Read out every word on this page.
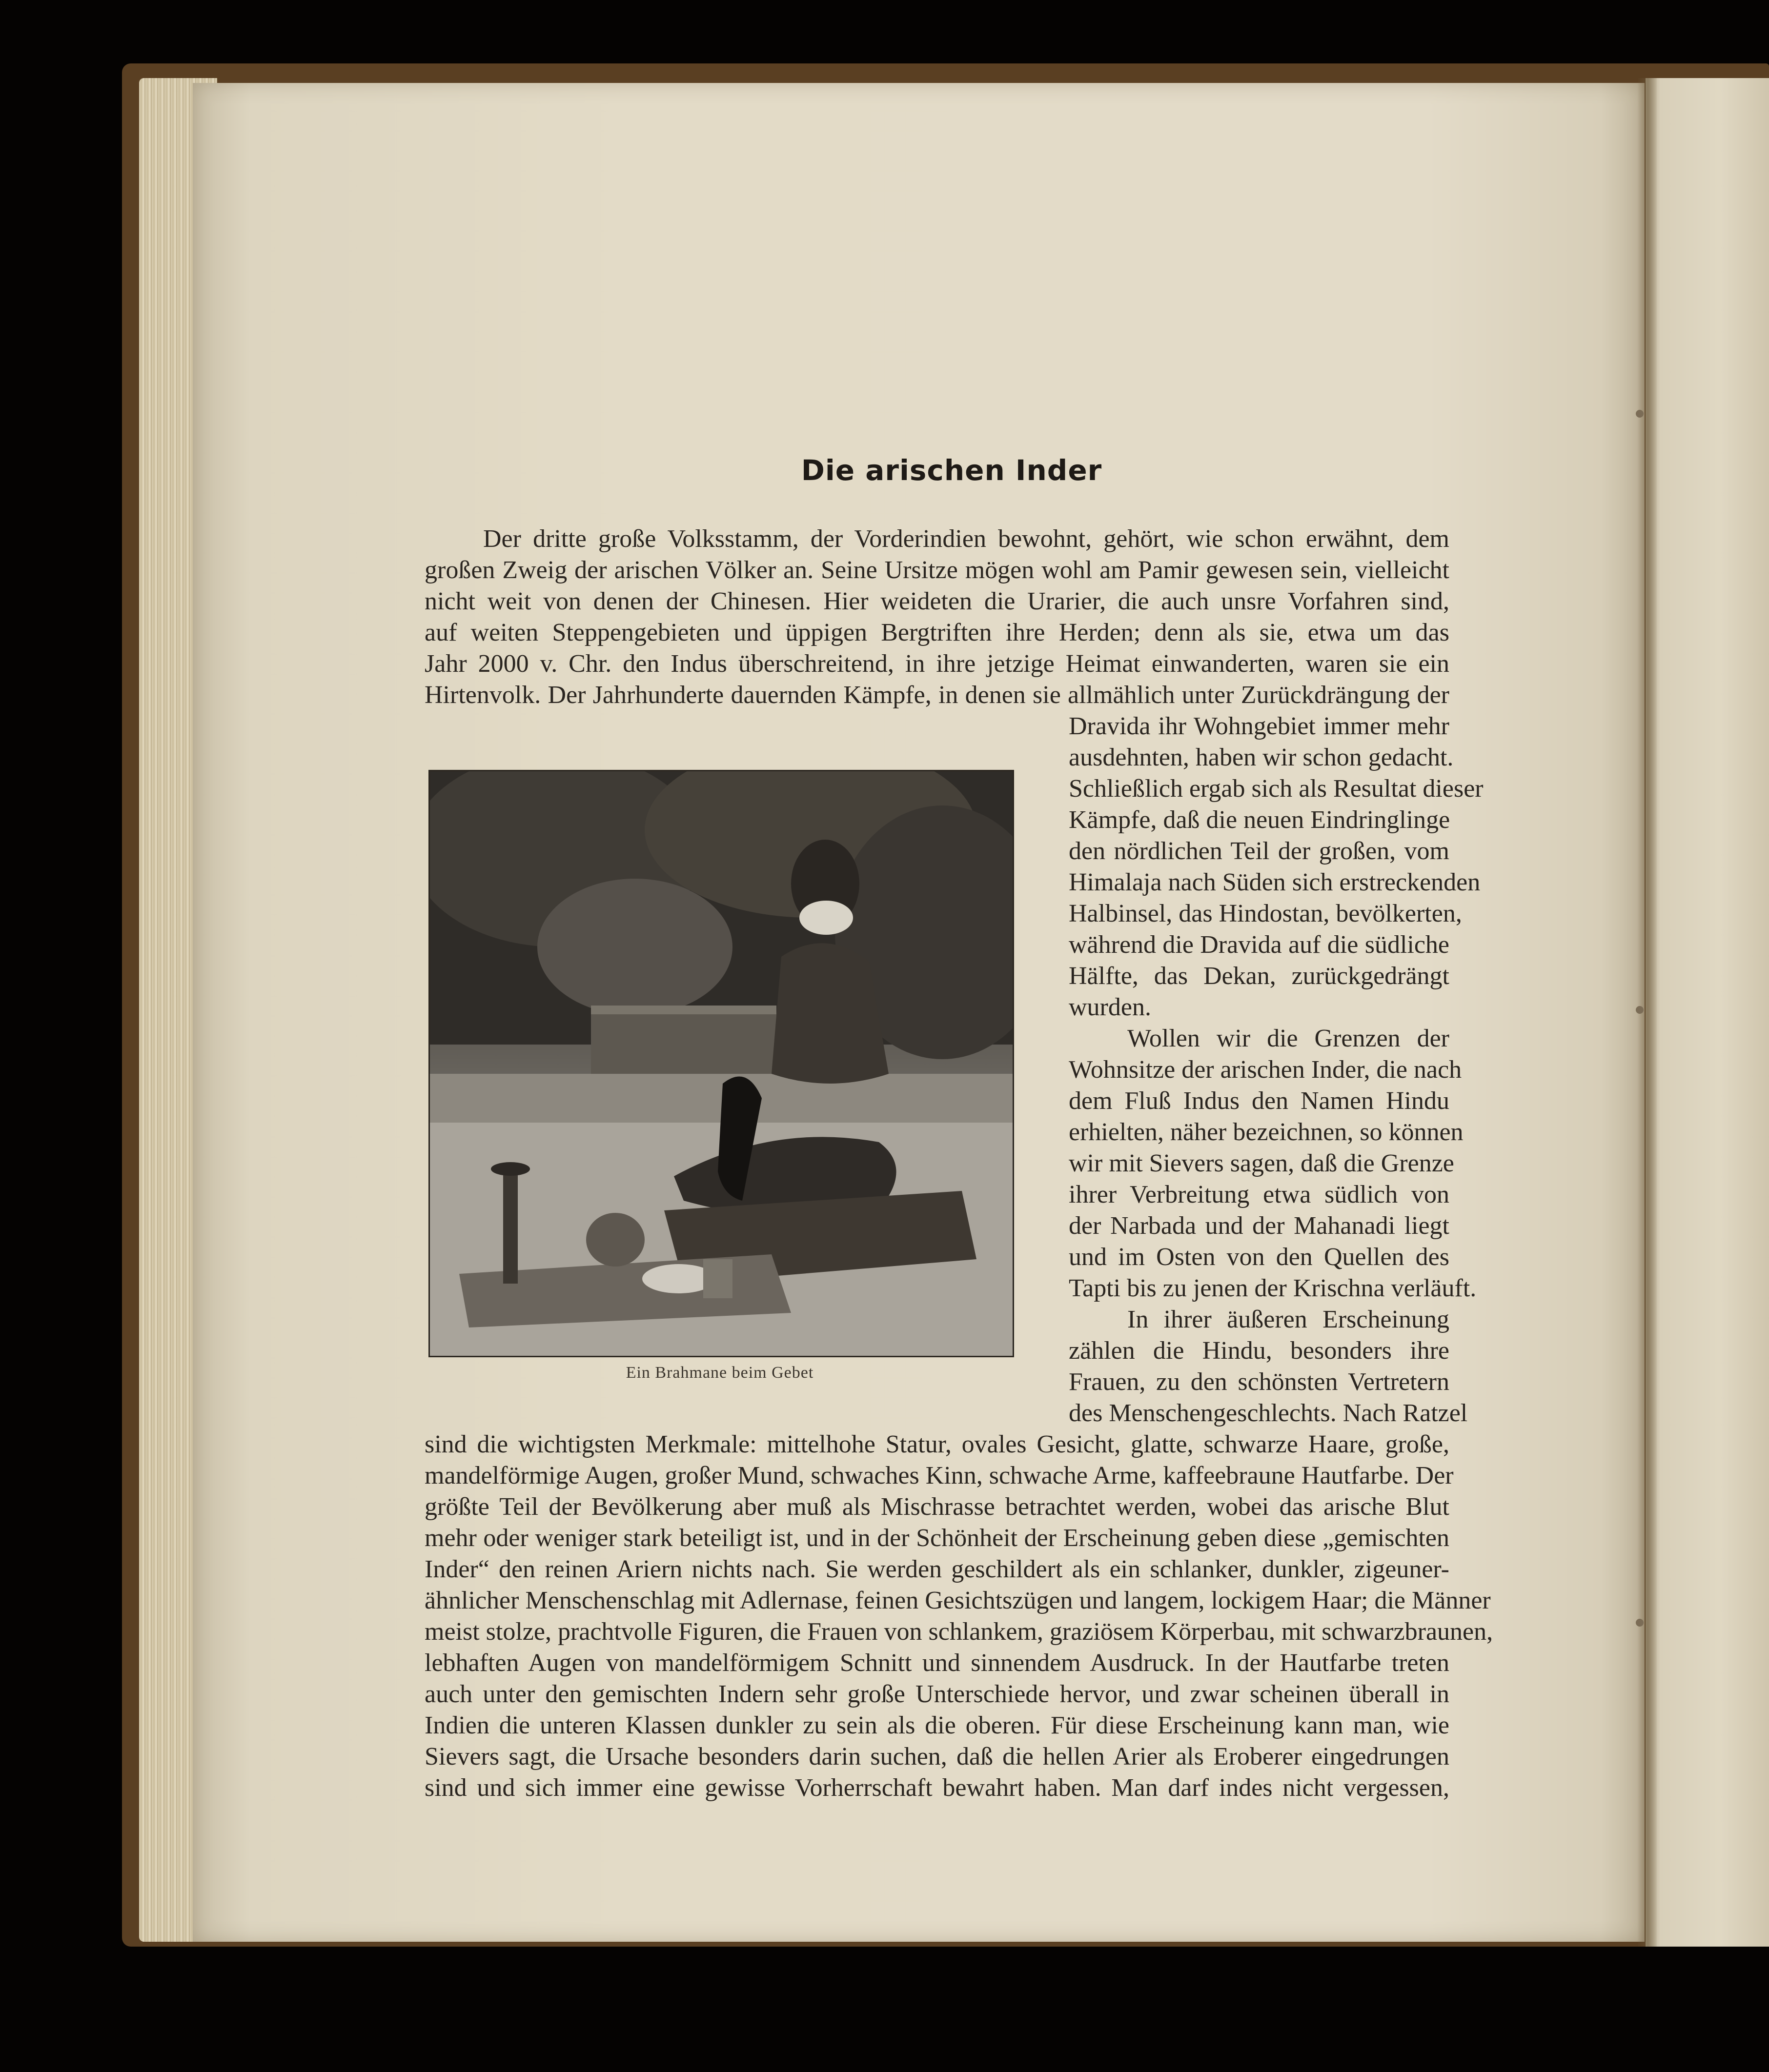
Die arischen Inder
Der dritte große Volksstamm, der Vorderindien bewohnt, gehört, wie schon erwähnt, dem
großen Zweig der arischen Völker an. Seine Ursitze mögen wohl am Pamir gewesen sein, vielleicht
nicht weit von denen der Chinesen. Hier weideten die Urarier, die auch unsre Vorfahren sind,
auf weiten Steppengebieten und üppigen Bergtriften ihre Herden; denn als sie, etwa um das
Jahr 2000 v. Chr. den Indus überschreitend, in ihre jetzige Heimat einwanderten, waren sie ein
Hirtenvolk. Der Jahrhunderte dauernden Kämpfe, in denen sie allmählich unter Zurückdrängung der
Dravida ihr Wohngebiet immer mehr
ausdehnten, haben wir schon gedacht.
Schließlich ergab sich als Resultat dieser
Kämpfe, daß die neuen Eindringlinge
den nördlichen Teil der großen, vom
Himalaja nach Süden sich erstreckenden
Halbinsel, das Hindostan, bevölkerten,
während die Dravida auf die südliche
Hälfte, das Dekan, zurückgedrängt
wurden.
Wollen wir die Grenzen der
Wohnsitze der arischen Inder, die nach
dem Fluß Indus den Namen Hindu
erhielten, näher bezeichnen, so können
wir mit Sievers sagen, daß die Grenze
ihrer Verbreitung etwa südlich von
der Narbada und der Mahanadi liegt
und im Osten von den Quellen des
Tapti bis zu jenen der Krischna verläuft.
In ihrer äußeren Erscheinung
zählen die Hindu, besonders ihre
Frauen, zu den schönsten Vertretern
des Menschengeschlechts. Nach Ratzel
sind die wichtigsten Merkmale: mittelhohe Statur, ovales Gesicht, glatte, schwarze Haare, große,
mandelförmige Augen, großer Mund, schwaches Kinn, schwache Arme, kaffeebraune Hautfarbe. Der
größte Teil der Bevölkerung aber muß als Mischrasse betrachtet werden, wobei das arische Blut
mehr oder weniger stark beteiligt ist, und in der Schönheit der Erscheinung geben diese „gemischten
Inder“ den reinen Ariern nichts nach. Sie werden geschildert als ein schlanker, dunkler, zigeuner-
ähnlicher Menschenschlag mit Adlernase, feinen Gesichtszügen und langem, lockigem Haar; die Männer
meist stolze, prachtvolle Figuren, die Frauen von schlankem, graziösem Körperbau, mit schwarzbraunen,
lebhaften Augen von mandelförmigem Schnitt und sinnendem Ausdruck. In der Hautfarbe treten
auch unter den gemischten Indern sehr große Unterschiede hervor, und zwar scheinen überall in
Indien die unteren Klassen dunkler zu sein als die oberen. Für diese Erscheinung kann man, wie
Sievers sagt, die Ursache besonders darin suchen, daß die hellen Arier als Eroberer eingedrungen
sind und sich immer eine gewisse Vorherrschaft bewahrt haben. Man darf indes nicht vergessen,
Ein Brahmane beim Gebet
